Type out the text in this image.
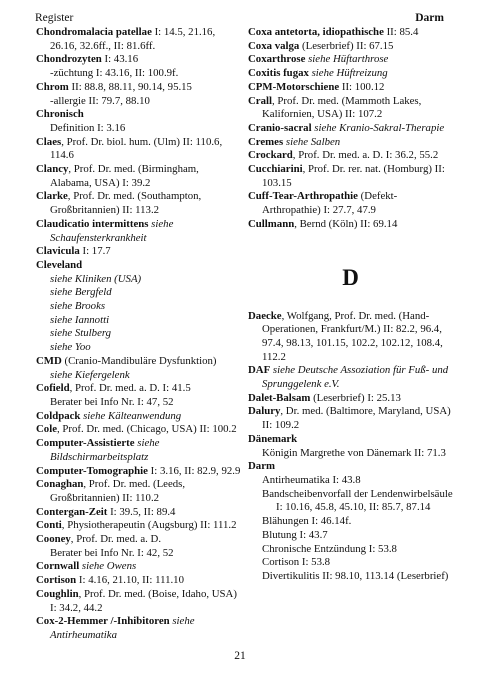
Register	Darm
Chondromalacia patellae I: 14.5, 21.16, 26.16, 32.6ff., II: 81.6ff.
Chondrozyten I: 43.16
-züchtung I: 43.16, II: 100.9f.
Chrom II: 88.8, 88.11, 90.14, 95.15
-allergie II: 79.7, 88.10
Chronisch
Definition I: 3.16
Claes, Prof. Dr. biol. hum. (Ulm) II: 110.6, 114.6
Clancy, Prof. Dr. med. (Birmingham, Alabama, USA) I: 39.2
Clarke, Prof. Dr. med. (Southampton, Großbritannien) II: 113.2
Claudicatio intermittens siehe Schaufensterkrankheit
Clavicula I: 17.7
Cleveland
siehe Kliniken (USA)
siehe Bergfeld
siehe Brooks
siehe Iannotti
siehe Stulberg
siehe Yoo
CMD (Cranio-Mandibuläre Dysfunktion) siehe Kiefergelenk
Cofield, Prof. Dr. med. a. D. I: 41.5
Berater bei Info Nr. I: 47, 52
Coldpack siehe Kälteanwendung
Cole, Prof. Dr. med. (Chicago, USA) II: 100.2
Computer-Assistierte siehe Bildschirmarbeitsplatz
Computer-Tomographie I: 3.16, II: 82.9, 92.9
Conaghan, Prof. Dr. med. (Leeds, Großbritannien) II: 110.2
Contergan-Zeit I: 39.5, II: 89.4
Conti, Physiotherapeutin (Augsburg) II: 111.2
Cooney, Prof. Dr. med. a. D.
Berater bei Info Nr. I: 42, 52
Cornwall siehe Owens
Cortison I: 4.16, 21.10, II: 111.10
Coughlin, Prof. Dr. med. (Boise, Idaho, USA) I: 34.2, 44.2
Cox-2-Hemmer /-Inhibitoren siehe Antirheumatika
Coxa antetorta, idiopathische II: 85.4
Coxa valga (Leserbrief) II: 67.15
Coxarthrose siehe Hüftarthrose
Coxitis fugax siehe Hüftreizung
CPM-Motorschiene II: 100.12
Crall, Prof. Dr. med. (Mammoth Lakes, Kalifornien, USA) II: 107.2
Cranio-sacral siehe Kranio-Sakral-Therapie
Cremes siehe Salben
Crockard, Prof. Dr. med. a. D. I: 36.2, 55.2
Cucchiarini, Prof. Dr. rer. nat. (Homburg) II: 103.15
Cuff-Tear-Arthropathie (Defekt-Arthropathie) I: 27.7, 47.9
Cullmann, Bernd (Köln) II: 69.14
D
Daecke, Wolfgang, Prof. Dr. med. (Hand-Operationen, Frankfurt/M.) II: 82.2, 96.4, 97.4, 98.13, 101.15, 102.2, 102.12, 108.4, 112.2
DAF siehe Deutsche Assoziation für Fuß- und Sprunggelenk e.V.
Dalet-Balsam (Leserbrief) I: 25.13
Dalury, Dr. med. (Baltimore, Maryland, USA) II: 109.2
Dänemark
Königin Margrethe von Dänemark II: 71.3
Darm
Antirheumatika I: 43.8
Bandscheibenvorfall der Lendenwirbelsäule I: 10.16, 45.8, 45.10, II: 85.7, 87.14
Blähungen I: 46.14f.
Blutung I: 43.7
Chronische Entzündung I: 53.8
Cortison I: 53.8
Divertikulitis II: 98.10, 113.14 (Leserbrief)
21
